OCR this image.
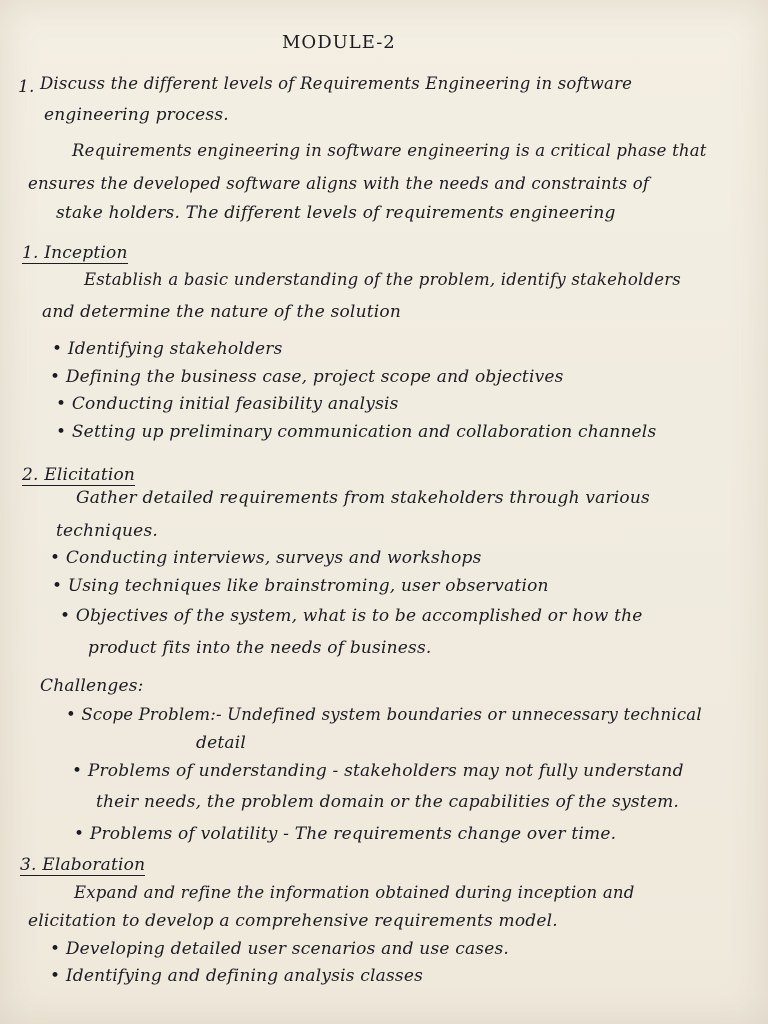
MODULE-2
1. Discuss the different levels of Requirements Engineering in software
engineering process.
Requirements engineering in software engineering is a critical phase that
ensures the developed software aligns with the needs and constraints of
stake holders. The different levels of requirements engineering
1. Inception
Establish a basic understanding of the problem, identify stakeholders
and determine the nature of the solution
• Identifying stakeholders
• Defining the business case, project scope and objectives
• Conducting initial feasibility analysis
• Setting up preliminary communication and collaboration channels
2. Elicitation
Gather detailed requirements from stakeholders through various
techniques.
• Conducting interviews, surveys and workshops
• Using techniques like brainstroming, user observation
• Objectives of the system, what is to be accomplished or how the
product fits into the needs of business.
Challenges:
• Scope Problem:- Undefined system boundaries or unnecessary technical
detail
• Problems of understanding - stakeholders may not fully understand
their needs, the problem domain or the capabilities of the system.
• Problems of volatility - The requirements change over time.
3. Elaboration
Expand and refine the information obtained during inception and
elicitation to develop a comprehensive requirements model.
• Developing detailed user scenarios and use cases.
• Identifying and defining analysis classes
